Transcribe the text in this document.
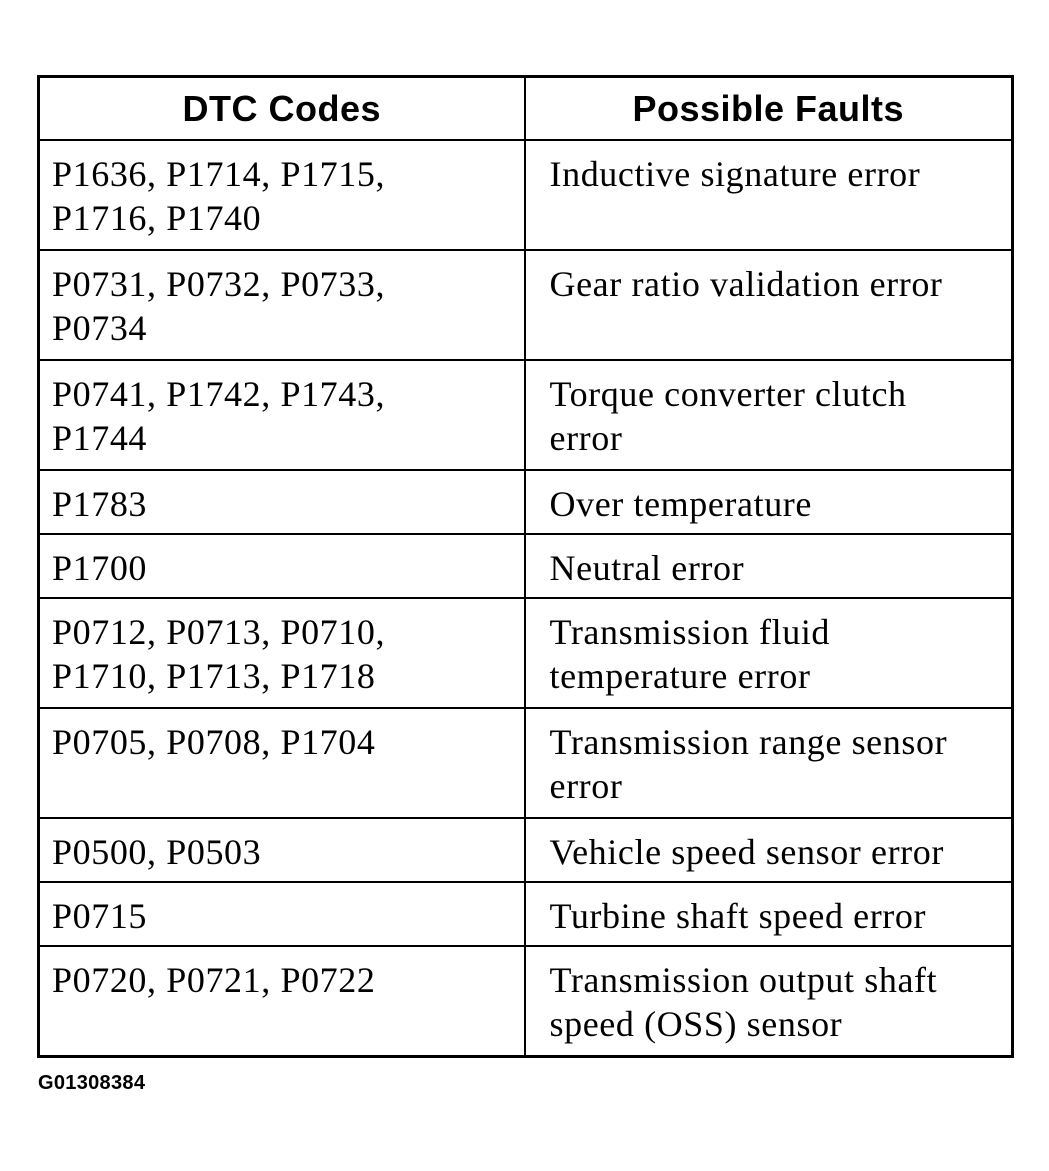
DTC Codes	Possible Faults
P1636, P1714, P1715,
P1716, P1740	Inductive signature error
P0731, P0732, P0733,
P0734	Gear ratio validation error
P0741, P1742, P1743,
P1744	Torque converter clutch
error
P1783	Over temperature
P1700	Neutral error
P0712, P0713, P0710,
P1710, P1713, P1718	Transmission fluid
temperature error
P0705, P0708, P1704	Transmission range sensor
error
P0500, P0503	Vehicle speed sensor error
P0715	Turbine shaft speed error
P0720, P0721, P0722	Transmission output shaft
speed (OSS) sensor
G01308384
